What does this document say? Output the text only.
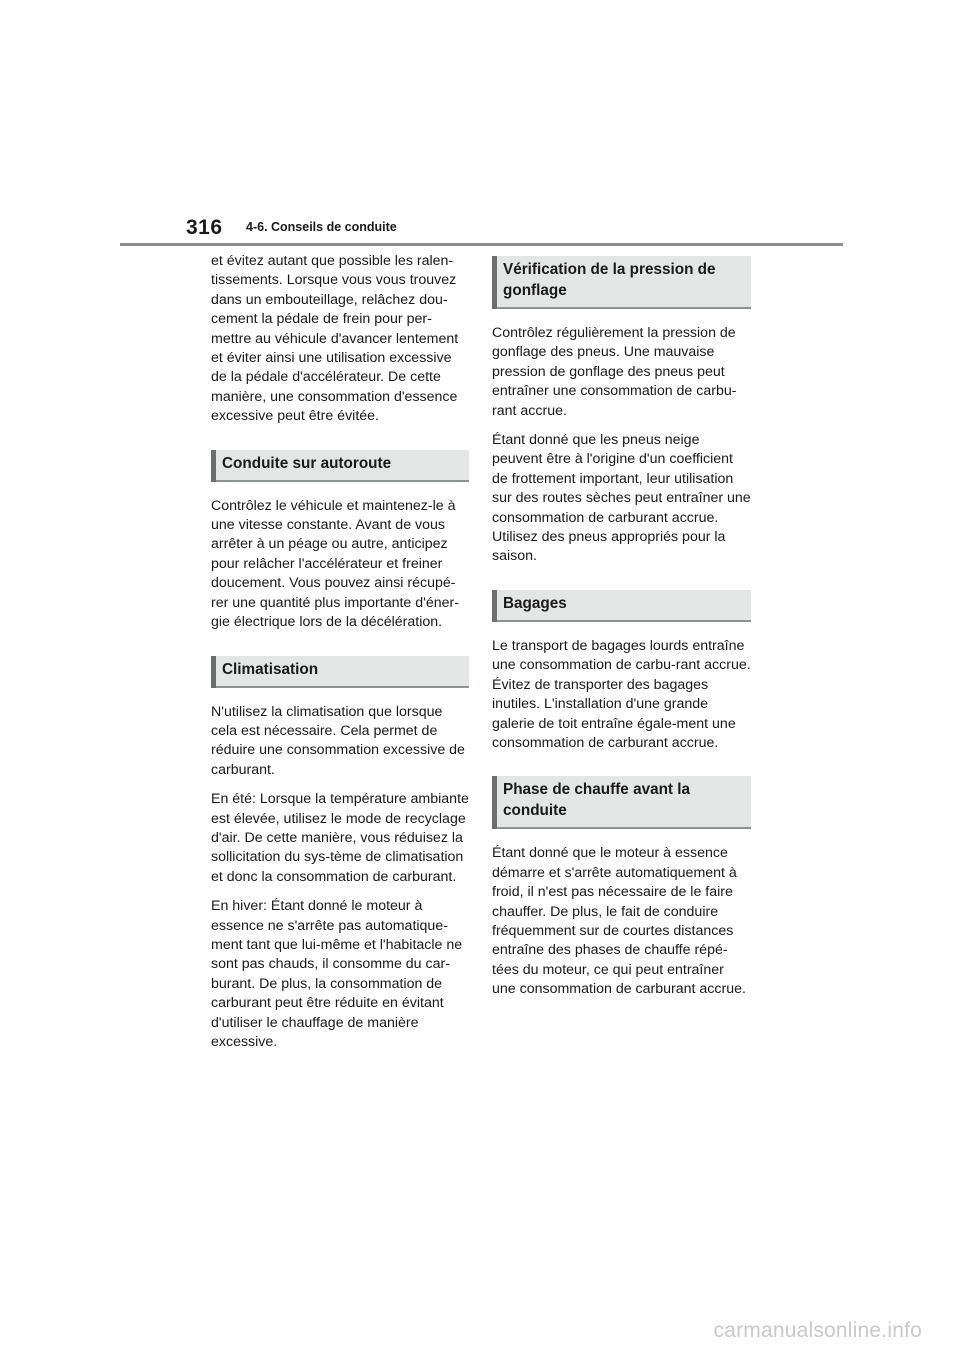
316 4-6. Conseils de conduite

et évitez autant que possible les ralen-tissements. Lorsque vous vous trouvez dans un embouteillage, relâchez dou-cement la pédale de frein pour per-mettre au véhicule d'avancer lentement et éviter ainsi une utilisation excessive de la pédale d'accélérateur. De cette manière, une consommation d'essence excessive peut être évitée.

Conduite sur autoroute

Contrôlez le véhicule et maintenez-le à une vitesse constante. Avant de vous arrêter à un péage ou autre, anticipez pour relâcher l'accélérateur et freiner doucement. Vous pouvez ainsi récupé-rer une quantité plus importante d'éner-gie électrique lors de la décélération.

Climatisation

N'utilisez la climatisation que lorsque cela est nécessaire. Cela permet de réduire une consommation excessive de carburant.

En été: Lorsque la température ambiante est élevée, utilisez le mode de recyclage d'air. De cette manière, vous réduisez la sollicitation du sys-tème de climatisation et donc la consommation de carburant.

En hiver: Étant donné le moteur à essence ne s'arrête pas automatique-ment tant que lui-même et l'habitacle ne sont pas chauds, il consomme du car-burant. De plus, la consommation de carburant peut être réduite en évitant d'utiliser le chauffage de manière excessive.

Vérification de la pression de gonflage

Contrôlez régulièrement la pression de gonflage des pneus. Une mauvaise pression de gonflage des pneus peut entraîner une consommation de carbu-rant accrue.

Étant donné que les pneus neige peuvent être à l'origine d'un coefficient de frottement important, leur utilisation sur des routes sèches peut entraîner une consommation de carburant accrue. Utilisez des pneus appropriés pour la saison.

Bagages

Le transport de bagages lourds entraîne une consommation de carbu-rant accrue. Évitez de transporter des bagages inutiles. L'installation d'une grande galerie de toit entraîne égale-ment une consommation de carburant accrue.

Phase de chauffe avant la conduite

Étant donné que le moteur à essence démarre et s'arrête automatiquement à froid, il n'est pas nécessaire de le faire chauffer. De plus, le fait de conduire fréquemment sur de courtes distances entraîne des phases de chauffe répé-tées du moteur, ce qui peut entraîner une consommation de carburant accrue.

carmanualsonline.info
